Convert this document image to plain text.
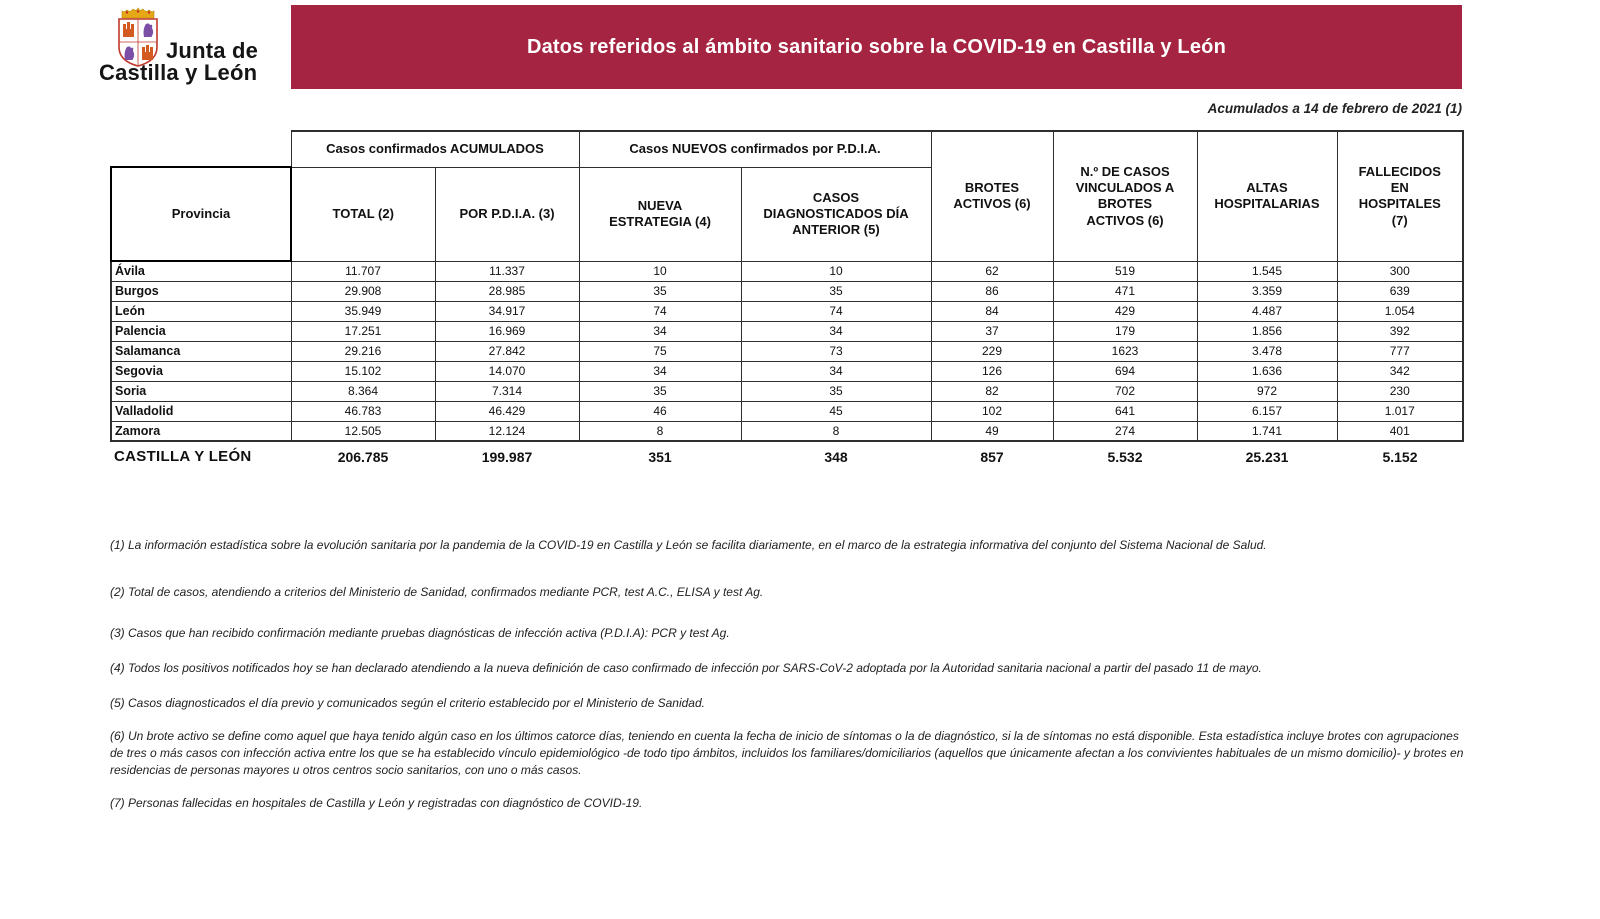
Junta de
Castilla y León
Datos referidos al ámbito sanitario sobre la COVID-19 en Castilla y León
Acumulados a 14 de febrero de 2021 (1)
	Casos confirmados ACUMULADOS		Casos NUEVOS confirmados por P.D.I.A.		BROTES ACTIVOS (6)	N.º DE CASOS VINCULADOS A BROTES ACTIVOS (6)	ALTAS HOSPITALARIAS	FALLECIDOS EN HOSPITALES (7)
Provincia	TOTAL (2)	POR P.D.I.A. (3)	NUEVA ESTRATEGIA (4)	CASOS DIAGNOSTICADOS DÍA ANTERIOR (5)				
Ávila	11.707	11.337	10	10	62	519	1.545	300
Burgos	29.908	28.985	35	35	86	471	3.359	639
León	35.949	34.917	74	74	84	429	4.487	1.054
Palencia	17.251	16.969	34	34	37	179	1.856	392
Salamanca	29.216	27.842	75	73	229	1623	3.478	777
Segovia	15.102	14.070	34	34	126	694	1.636	342
Soria	8.364	7.314	35	35	82	702	972	230
Valladolid	46.783	46.429	46	45	102	641	6.157	1.017
Zamora	12.505	12.124	8	8	49	274	1.741	401
CASTILLA Y LEÓN	206.785	199.987	351	348	857	5.532	25.231	5.152

(1) La información estadística sobre la evolución sanitaria por la pandemia de la COVID-19 en Castilla y León se facilita diariamente, en el marco de la estrategia informativa del conjunto del Sistema Nacional de Salud.

(2) Total de casos, atendiendo a criterios del Ministerio de Sanidad, confirmados mediante PCR, test A.C., ELISA y test Ag.

(3) Casos que han recibido confirmación mediante pruebas diagnósticas de infección activa (P.D.I.A): PCR y test Ag.

(4) Todos los positivos notificados hoy se han declarado atendiendo a la nueva definición de caso confirmado de infección por SARS-CoV-2 adoptada por la Autoridad sanitaria nacional a partir del pasado 11 de mayo.

(5) Casos diagnosticados el día previo y comunicados según el criterio establecido por el Ministerio de Sanidad.

(6) Un brote activo se define como aquel que haya tenido algún caso en los últimos catorce días, teniendo en cuenta la fecha de inicio de síntomas o la de diagnóstico, si la de síntomas no está disponible. Esta estadística incluye brotes con agrupaciones de tres o más casos con infección activa entre los que se ha establecido vínculo epidemiológico -de todo tipo ámbitos, incluidos los familiares/domiciliarios (aquellos que únicamente afectan a los convivientes habituales de un mismo domicilio)- y brotes en residencias de personas mayores u otros centros socio sanitarios, con uno o más casos.

(7) Personas fallecidas en hospitales de Castilla y León y registradas con diagnóstico de COVID-19.
